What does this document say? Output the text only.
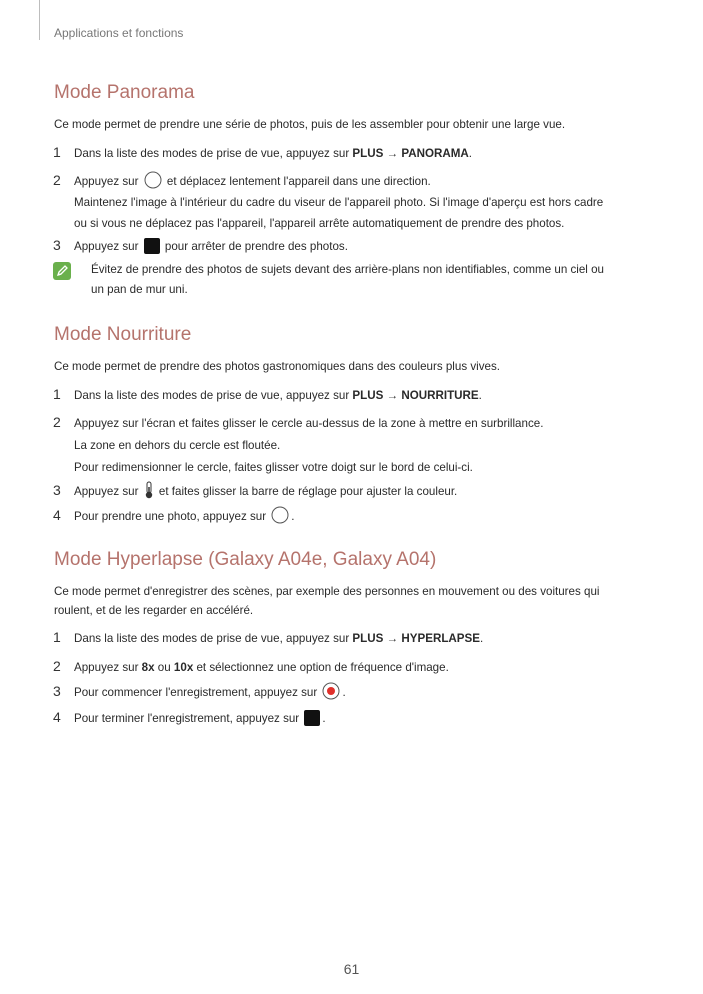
Applications et fonctions
Mode Panorama

Ce mode permet de prendre une série de photos, puis de les assembler pour obtenir une large vue.

1 Dans la liste des modes de prise de vue, appuyez sur PLUS → PANORAMA.

2 Appuyez sur  et déplacez lentement l'appareil dans une direction.
Maintenez l'image à l'intérieur du cadre du viseur de l'appareil photo. Si l'image d'aperçu est hors cadre
ou si vous ne déplacez pas l'appareil, l'appareil arrête automatiquement de prendre des photos.

3 Appuyez sur  pour arrêter de prendre des photos.

Évitez de prendre des photos de sujets devant des arrière-plans non identifiables, comme un ciel ou
un pan de mur uni.

Mode Nourriture

Ce mode permet de prendre des photos gastronomiques dans des couleurs plus vives.

1 Dans la liste des modes de prise de vue, appuyez sur PLUS → NOURRITURE.

2 Appuyez sur l'écran et faites glisser le cercle au-dessus de la zone à mettre en surbrillance.
La zone en dehors du cercle est floutée.
Pour redimensionner le cercle, faites glisser votre doigt sur le bord de celui-ci.

3 Appuyez sur  et faites glisser la barre de réglage pour ajuster la couleur.

4 Pour prendre une photo, appuyez sur .

Mode Hyperlapse (Galaxy A04e, Galaxy A04)

Ce mode permet d'enregistrer des scènes, par exemple des personnes en mouvement ou des voitures qui
roulent, et de les regarder en accéléré.

1 Dans la liste des modes de prise de vue, appuyez sur PLUS → HYPERLAPSE.

2 Appuyez sur 8x ou 10x et sélectionnez une option de fréquence d'image.

3 Pour commencer l'enregistrement, appuyez sur .

4 Pour terminer l'enregistrement, appuyez sur .

61
